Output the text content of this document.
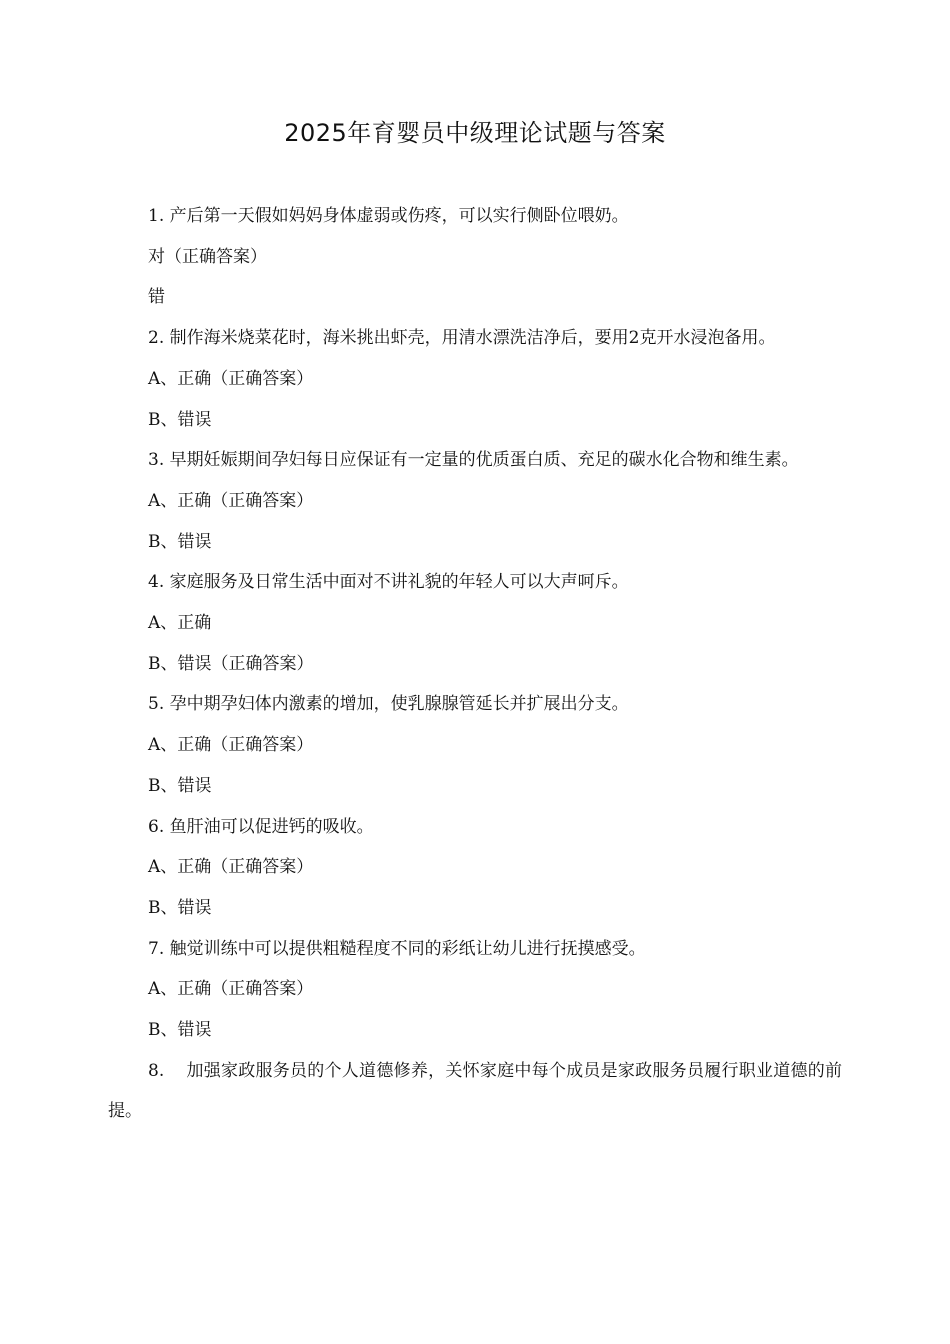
2025年育婴员中级理论试题与答案
1. 产后第一天假如妈妈身体虚弱或伤疼，可以实行侧卧位喂奶。
对（正确答案）
错
2. 制作海米烧菜花时，海米挑出虾壳，用清水漂洗洁净后，要用2克开水浸泡备用。
A、正确（正确答案）
B、错误
3. 早期妊娠期间孕妇每日应保证有一定量的优质蛋白质、充足的碳水化合物和维生素。
A、正确（正确答案）
B、错误
4. 家庭服务及日常生活中面对不讲礼貌的年轻人可以大声呵斥。
A、正确
B、错误（正确答案）
5. 孕中期孕妇体内激素的增加，使乳腺腺管延长并扩展出分支。
A、正确（正确答案）
B、错误
6. 鱼肝油可以促进钙的吸收。
A、正确（正确答案）
B、错误
7. 触觉训练中可以提供粗糙程度不同的彩纸让幼儿进行抚摸感受。
A、正确（正确答案）
B、错误
8. 加强家政服务员的个人道德修养，关怀家庭中每个成员是家政服务员履行职业道德的前提。
